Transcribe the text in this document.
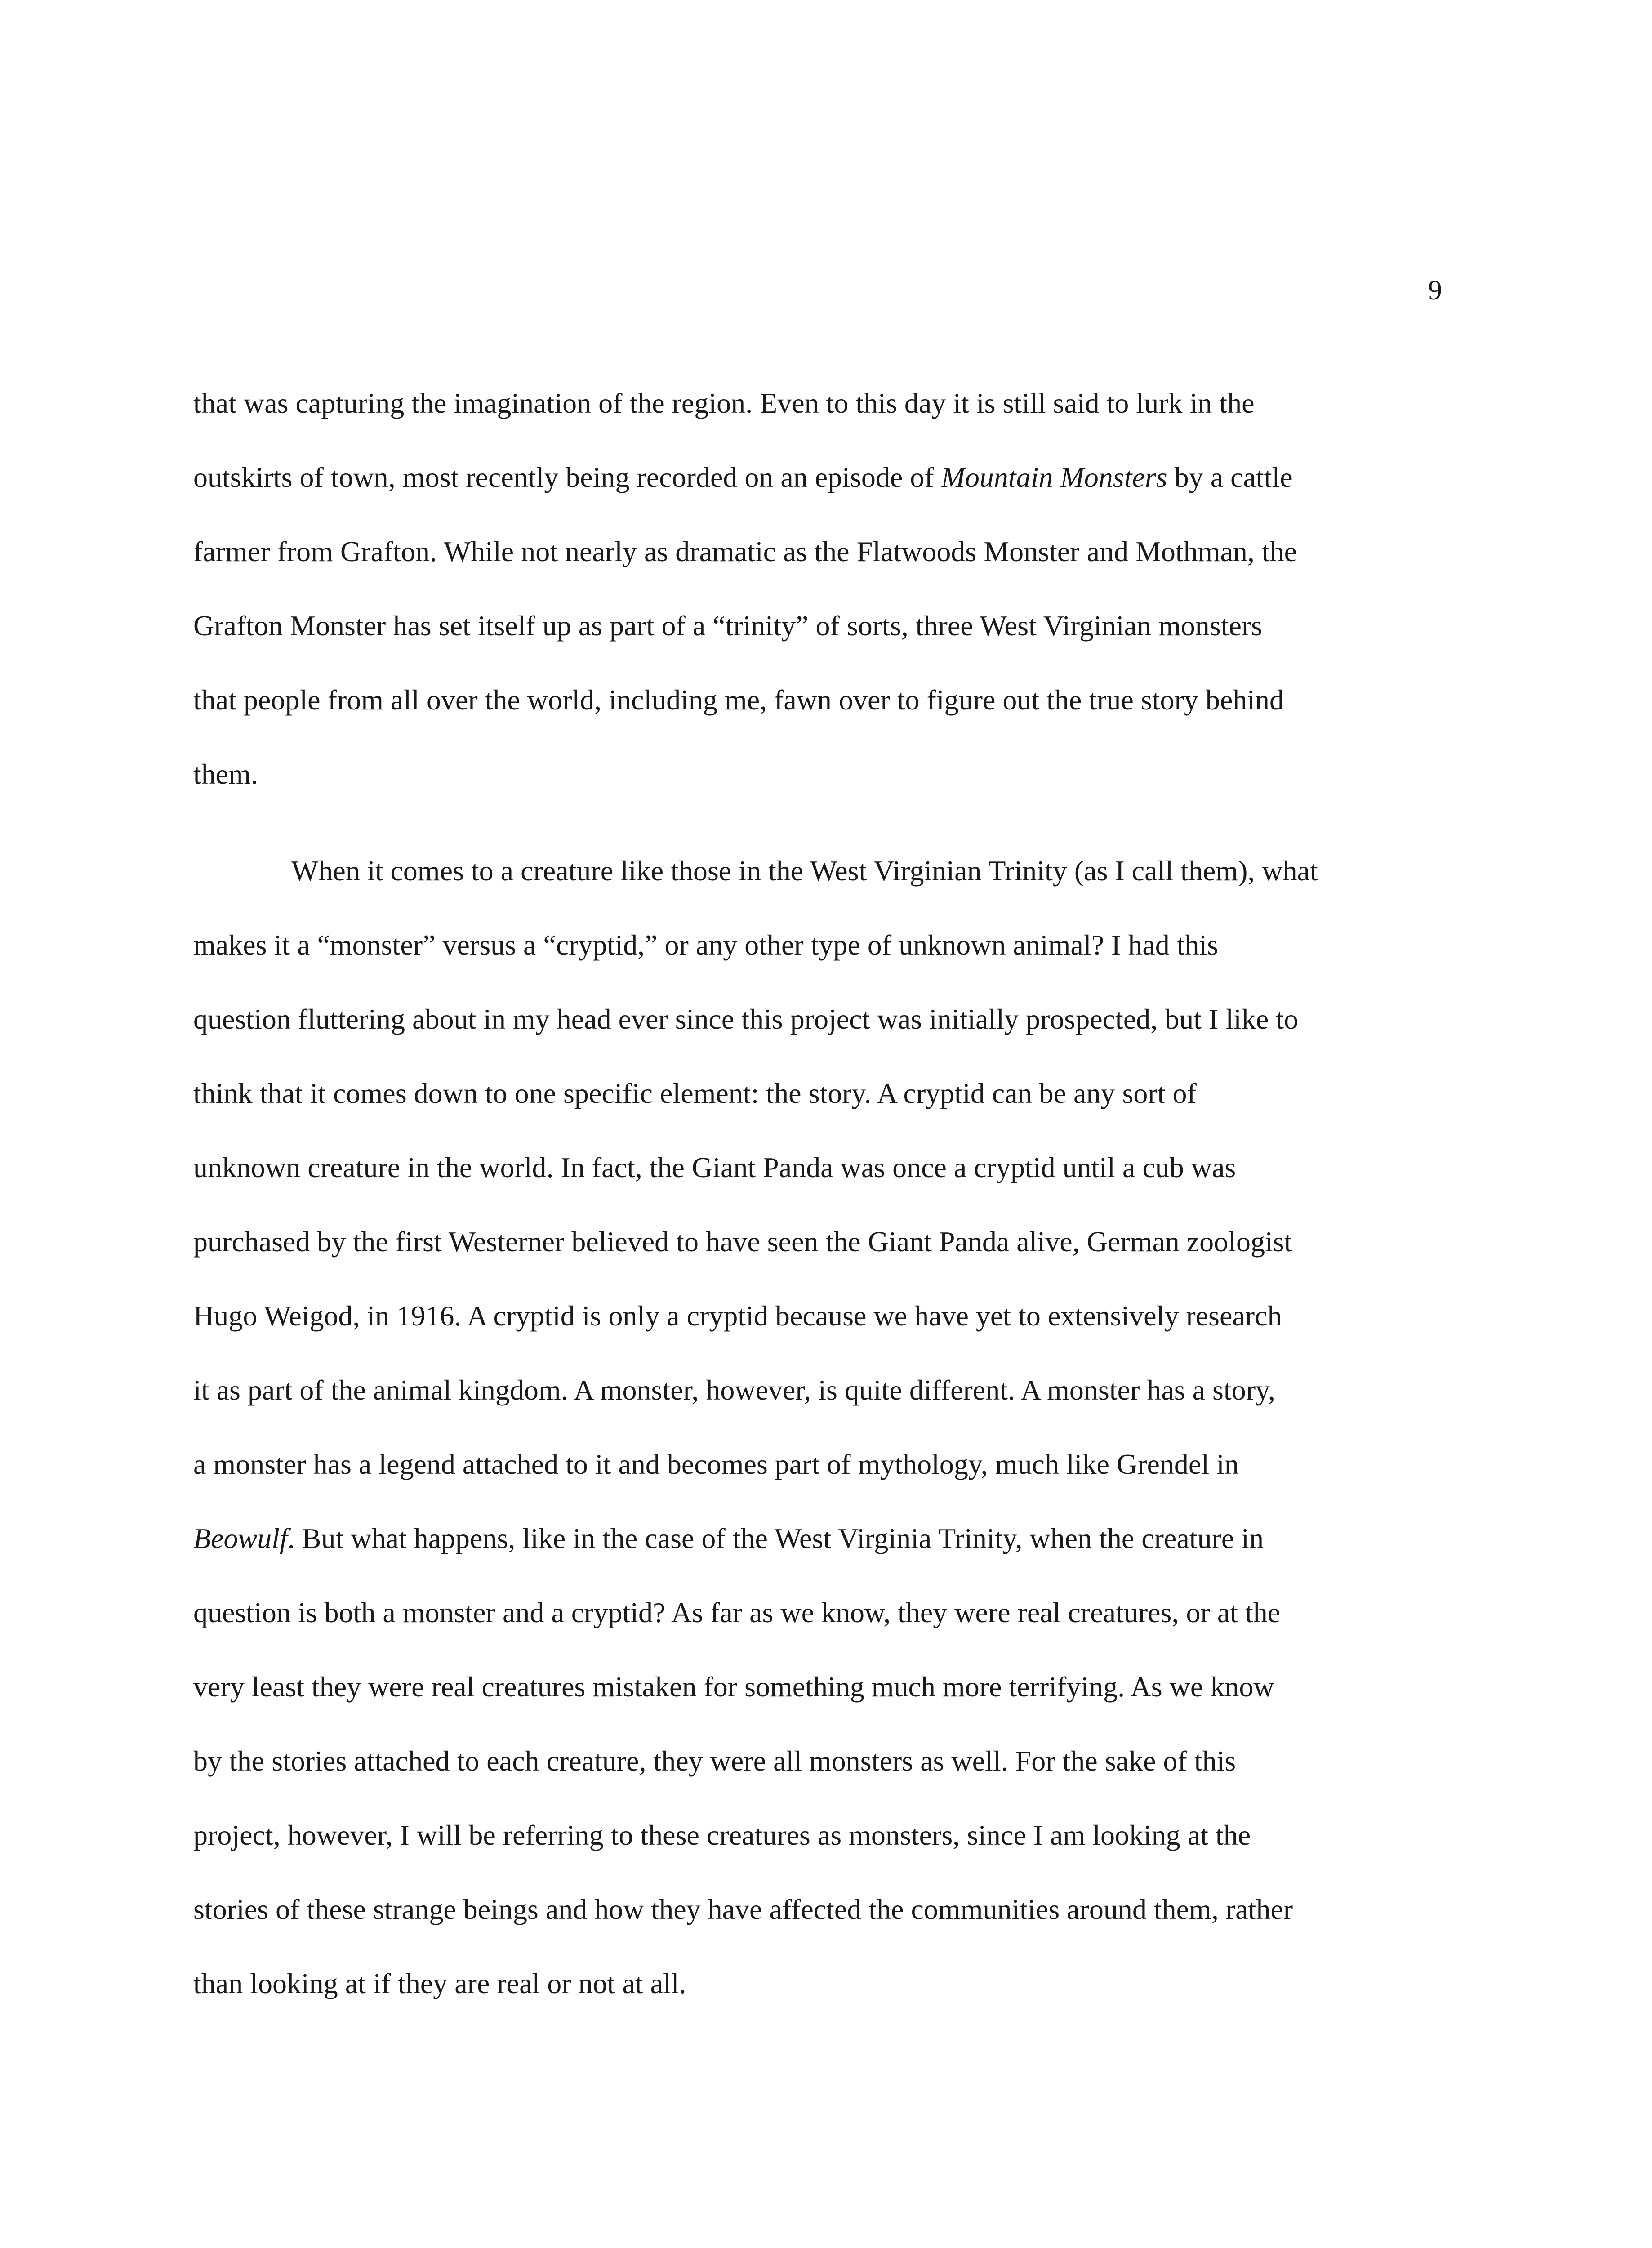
9
that was capturing the imagination of the region. Even to this day it is still said to lurk in the
outskirts of town, most recently being recorded on an episode of Mountain Monsters by a cattle
farmer from Grafton. While not nearly as dramatic as the Flatwoods Monster and Mothman, the
Grafton Monster has set itself up as part of a “trinity” of sorts, three West Virginian monsters
that people from all over the world, including me, fawn over to figure out the true story behind
them.
When it comes to a creature like those in the West Virginian Trinity (as I call them), what
makes it a “monster” versus a “cryptid,” or any other type of unknown animal? I had this
question fluttering about in my head ever since this project was initially prospected, but I like to
think that it comes down to one specific element: the story. A cryptid can be any sort of
unknown creature in the world. In fact, the Giant Panda was once a cryptid until a cub was
purchased by the first Westerner believed to have seen the Giant Panda alive, German zoologist
Hugo Weigod, in 1916. A cryptid is only a cryptid because we have yet to extensively research
it as part of the animal kingdom. A monster, however, is quite different. A monster has a story,
a monster has a legend attached to it and becomes part of mythology, much like Grendel in
Beowulf. But what happens, like in the case of the West Virginia Trinity, when the creature in
question is both a monster and a cryptid? As far as we know, they were real creatures, or at the
very least they were real creatures mistaken for something much more terrifying. As we know
by the stories attached to each creature, they were all monsters as well. For the sake of this
project, however, I will be referring to these creatures as monsters, since I am looking at the
stories of these strange beings and how they have affected the communities around them, rather
than looking at if they are real or not at all.
